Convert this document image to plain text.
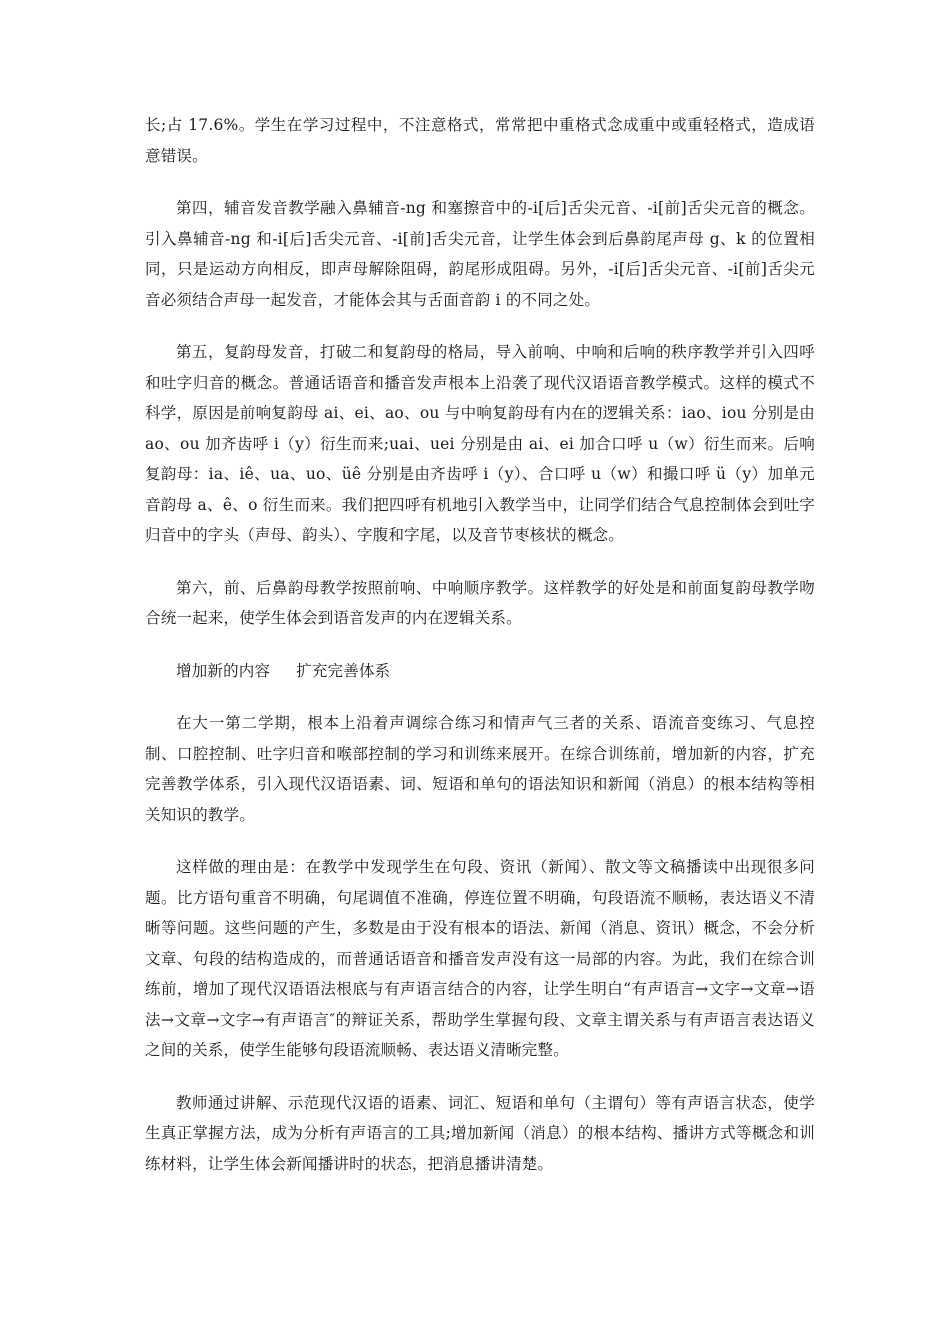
长;占 17.6%。学生在学习过程中，不注意格式，常常把中重格式念成重中或重轻格式，造成语意错误。

第四，辅音发音教学融入鼻辅音-ng 和塞擦音中的-i[后]舌尖元音、-i[前]舌尖元音的概念。引入鼻辅音-ng 和-i[后]舌尖元音、-i[前]舌尖元音，让学生体会到后鼻韵尾声母 g、k 的位置相同，只是运动方向相反，即声母解除阻碍，韵尾形成阻碍。另外，-i[后]舌尖元音、-i[前]舌尖元音必须结合声母一起发音，才能体会其与舌面音韵 i 的不同之处。

第五，复韵母发音，打破二和复韵母的格局，导入前响、中响和后响的秩序教学并引入四呼和吐字归音的概念。普通话语音和播音发声根本上沿袭了现代汉语语音教学模式。这样的模式不科学，原因是前响复韵母 ai、ei、ao、ou 与中响复韵母有内在的逻辑关系：iao、iou 分别是由 ao、ou 加齐齿呼 i（y）衍生而来;uai、uei 分别是由 ai、ei 加合口呼 u（w）衍生而来。后响复韵母：ia、iê、ua、uo、üê 分别是由齐齿呼 i（y）、合口呼 u（w）和撮口呼 ü（y）加单元音韵母 a、ê、o 衍生而来。我们把四呼有机地引入教学当中，让同学们结合气息控制体会到吐字归音中的字头（声母、韵头）、字腹和字尾，以及音节枣核状的概念。

第六，前、后鼻韵母教学按照前响、中响顺序教学。这样教学的好处是和前面复韵母教学吻合统一起来，使学生体会到语音发声的内在逻辑关系。

增加新的内容　  扩充完善体系

在大一第二学期，根本上沿着声调综合练习和情声气三者的关系、语流音变练习、气息控制、口腔控制、吐字归音和喉部控制的学习和训练来展开。在综合训练前，增加新的内容，扩充完善教学体系，引入现代汉语语素、词、短语和单句的语法知识和新闻（消息）的根本结构等相关知识的教学。

这样做的理由是：在教学中发现学生在句段、资讯（新闻）、散文等文稿播读中出现很多问题。比方语句重音不明确，句尾调值不准确，停连位置不明确，句段语流不顺畅，表达语义不清晰等问题。这些问题的产生，多数是由于没有根本的语法、新闻（消息、资讯）概念，不会分析文章、句段的结构造成的，而普通话语音和播音发声没有这一局部的内容。为此，我们在综合训练前，增加了现代汉语语法根底与有声语言结合的内容，让学生明白“有声语言→文字→文章→语法→文章→文字→有声语言″的辩证关系，帮助学生掌握句段、文章主谓关系与有声语言表达语义之间的关系，使学生能够句段语流顺畅、表达语义清晰完整。

教师通过讲解、示范现代汉语的语素、词汇、短语和单句（主谓句）等有声语言状态，使学生真正掌握方法，成为分析有声语言的工具;增加新闻（消息）的根本结构、播讲方式等概念和训练材料，让学生体会新闻播讲时的状态，把消息播讲清楚。
